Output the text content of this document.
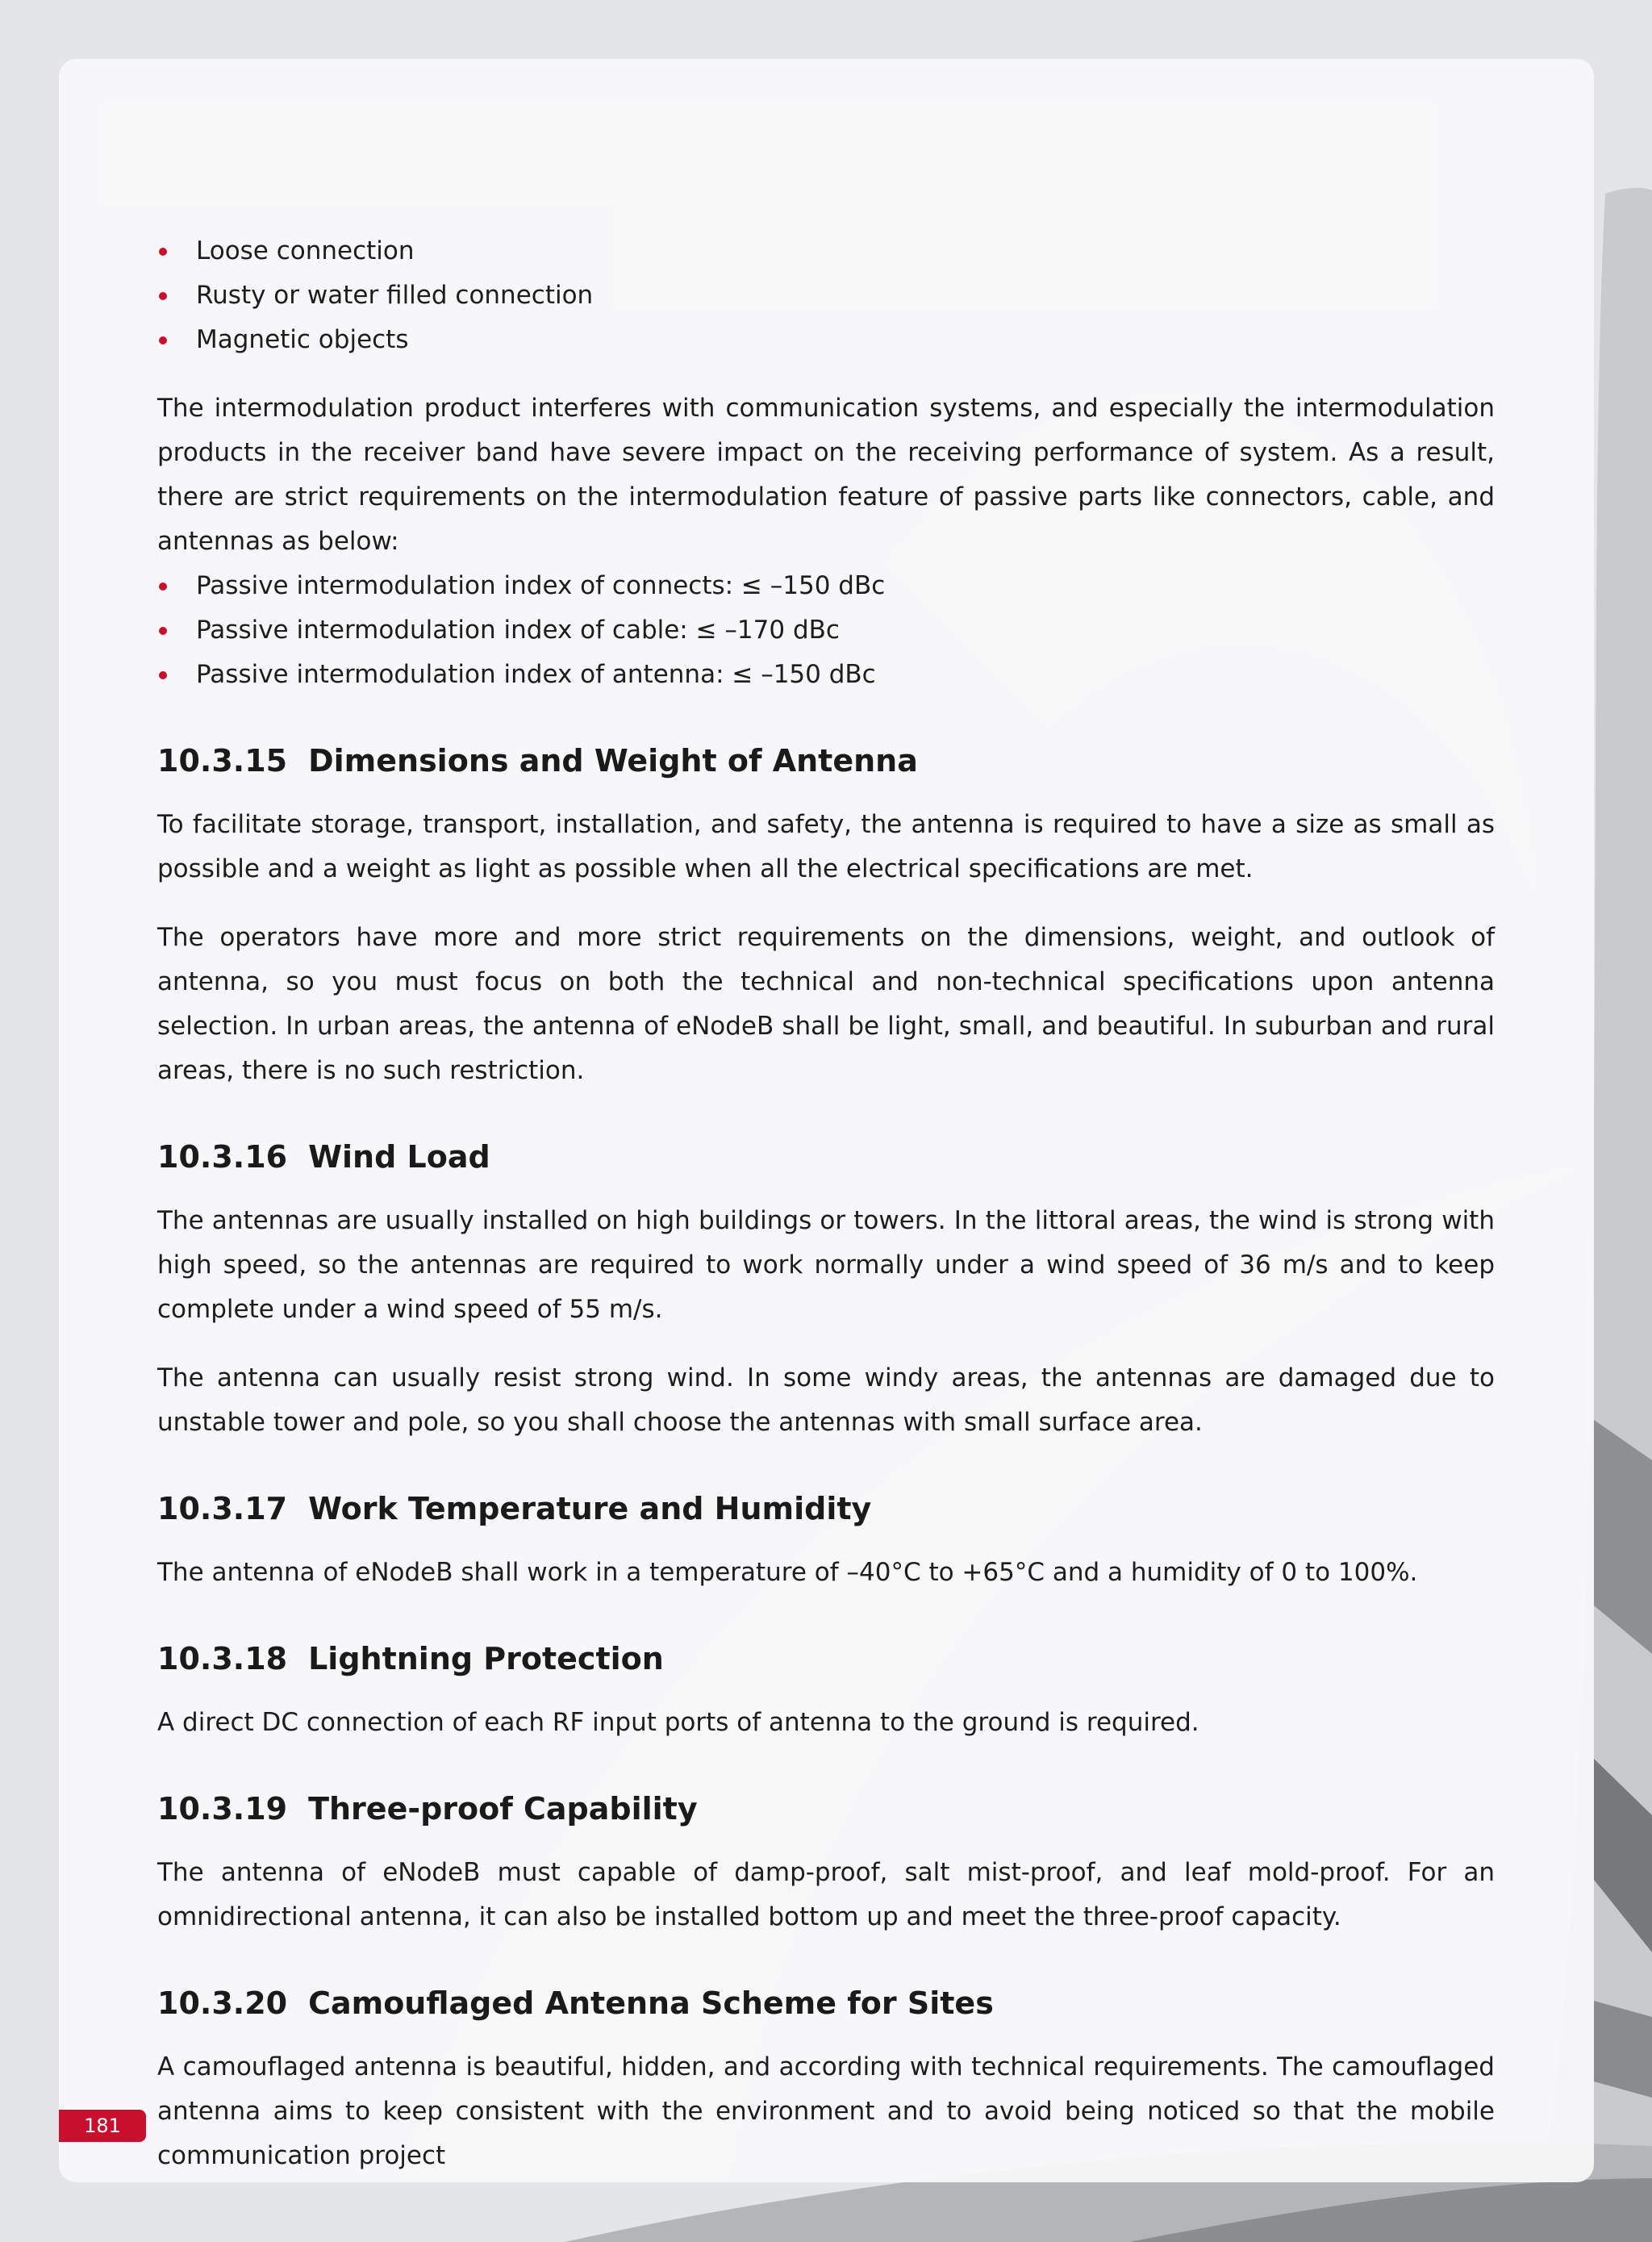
Loose connection
Rusty or water filled connection
Magnetic objects

The intermodulation product interferes with communication systems, and especially the intermodulation products in the receiver band have severe impact on the receiving performance of system. As a result, there are strict requirements on the intermodulation feature of passive parts like connectors, cable, and antennas as below:

Passive intermodulation index of connects: ≤ –150 dBc
Passive intermodulation index of cable: ≤ –170 dBc
Passive intermodulation index of antenna: ≤ –150 dBc
10.3.15 Dimensions and Weight of Antenna

To facilitate storage, transport, installation, and safety, the antenna is required to have a size as small as possible and a weight as light as possible when all the electrical specifications are met.

The operators have more and more strict requirements on the dimensions, weight, and outlook of antenna, so you must focus on both the technical and non-technical specifications upon antenna selection. In urban areas, the antenna of eNodeB shall be light, small, and beautiful. In suburban and rural areas, there is no such restriction.

10.3.16 Wind Load

The antennas are usually installed on high buildings or towers. In the littoral areas, the wind is strong with high speed, so the antennas are required to work normally under a wind speed of 36 m/s and to keep complete under a wind speed of 55 m/s.

The antenna can usually resist strong wind. In some windy areas, the antennas are damaged due to unstable tower and pole, so you shall choose the antennas with small surface area.

10.3.17 Work Temperature and Humidity

The antenna of eNodeB shall work in a temperature of –40°C to +65°C and a humidity of 0 to 100%.

10.3.18 Lightning Protection

A direct DC connection of each RF input ports of antenna to the ground is required.

10.3.19 Three-proof Capability

The antenna of eNodeB must capable of damp-proof, salt mist-proof, and leaf mold-proof. For an omnidirectional antenna, it can also be installed bottom up and meet the three-proof capacity.

10.3.20 Camouflaged Antenna Scheme for Sites

A camouflaged antenna is beautiful, hidden, and according with technical requirements. The camouflaged antenna aims to keep consistent with the environment and to avoid being noticed so that the mobile communication project

181
